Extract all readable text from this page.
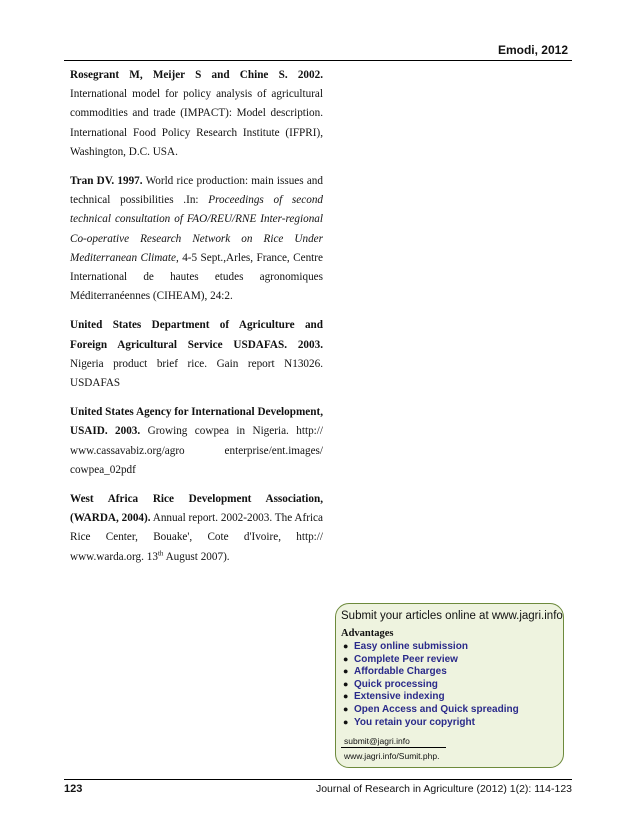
Emodi, 2012

Rosegrant M, Meijer S and Chine S. 2002. International model for policy analysis of agricultural commodities and trade (IMPACT): Model description. International Food Policy Research Institute (IFPRI), Washington, D.C. USA.

Tran DV. 1997. World rice production: main issues and technical possibilities .In: Proceedings of second technical consultation of FAO/REU/RNE Inter-regional Co-operative Research Network on Rice Under Mediterranean Climate, 4-5 Sept.,Arles, France, Centre International de hautes etudes agronomiques Méditerranéennes (CIHEAM), 24:2.

United States Department of Agriculture and Foreign Agricultural Service USDAFAS. 2003. Nigeria product brief rice. Gain report N13026. USDAFAS

United States Agency for International Development, USAID. 2003. Growing cowpea in Nigeria. http:// www.cassavabiz.org/agro enterprise/ent.images/ cowpea_02pdf

West Africa Rice Development Association, (WARDA, 2004). Annual report. 2002-2003. The Africa Rice Center, Bouake', Cote d'Ivoire, http:// www.warda.org. 13th August 2007).

Submit your articles online at www.jagri.info
Advantages
● Easy online submission
● Complete Peer review
● Affordable Charges
● Quick processing
● Extensive indexing
● Open Access and Quick spreading
● You retain your copyright
submit@jagri.info
www.jagri.info/Sumit.php.
123	Journal of Research in Agriculture (2012) 1(2): 114-123
